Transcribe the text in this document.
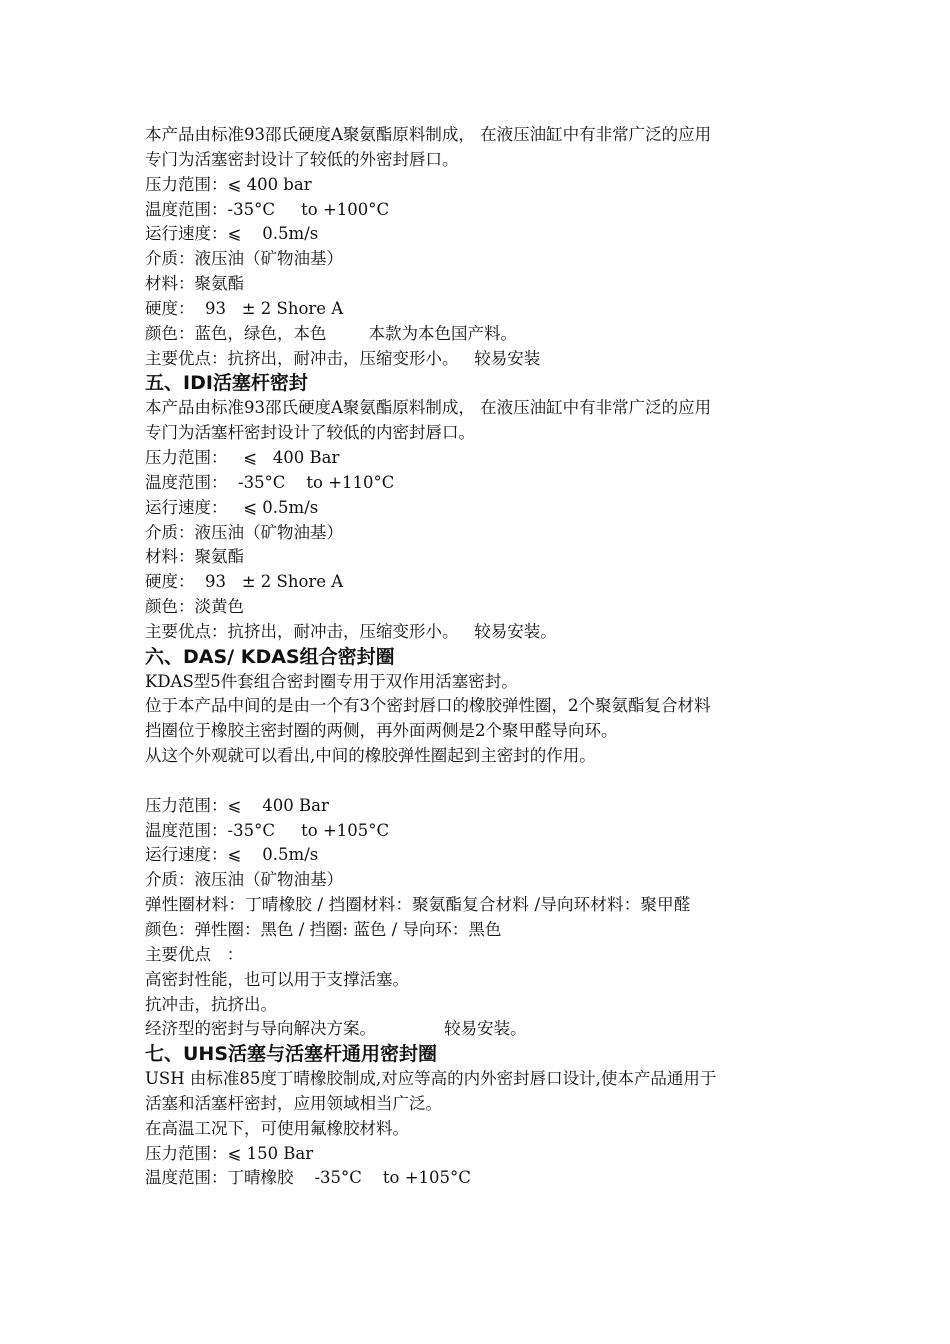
本产品由标准93邵氏硬度A聚氨酯原料制成， 在液压油缸中有非常广泛的应用
专门为活塞密封设计了较低的外密封唇口。
压力范围：⩽ 400 bar
温度范围：-35°C     to +100°C
运行速度：⩽    0.5m/s
介质：液压油（矿物油基）
材料：聚氨酯
硬度：  93   ± 2 Shore A
颜色：蓝色，绿色，本色        本款为本色国产料。
主要优点：抗挤出，耐冲击，压缩变形小。   较易安装
五、IDI活塞杆密封
本产品由标准93邵氏硬度A聚氨酯原料制成， 在液压油缸中有非常广泛的应用
专门为活塞杆密封设计了较低的内密封唇口。
压力范围：   ⩽   400 Bar
温度范围：  -35°C    to +110°C
运行速度：   ⩽ 0.5m/s
介质：液压油（矿物油基）
材料：聚氨酯
硬度：  93   ± 2 Shore A
颜色：淡黄色
主要优点：抗挤出，耐冲击，压缩变形小。   较易安装。
六、DAS/ KDAS组合密封圈
KDAS型5件套组合密封圈专用于双作用活塞密封。
位于本产品中间的是由一个有3个密封唇口的橡胶弹性圈，2个聚氨酯复合材料
挡圈位于橡胶主密封圈的两侧，再外面两侧是2个聚甲醛导向环。
从这个外观就可以看出,中间的橡胶弹性圈起到主密封的作用。
压力范围：⩽    400 Bar
温度范围：-35°C     to +105°C
运行速度：⩽    0.5m/s
介质：液压油（矿物油基）
弹性圈材料：丁晴橡胶 / 挡圈材料：聚氨酯复合材料 /导向环材料：聚甲醛
颜色：弹性圈：黑色 / 挡圈: 蓝色 / 导向环：黑色
主要优点   ：
高密封性能，也可以用于支撑活塞。
抗冲击，抗挤出。
经济型的密封与导向解决方案。             较易安装。
七、UHS活塞与活塞杆通用密封圈
USH 由标准85度丁晴橡胶制成,对应等高的内外密封唇口设计,使本产品通用于
活塞和活塞杆密封，应用领域相当广泛。
在高温工况下，可使用氟橡胶材料。
压力范围：⩽ 150 Bar
温度范围：丁晴橡胶    -35°C    to +105°C
